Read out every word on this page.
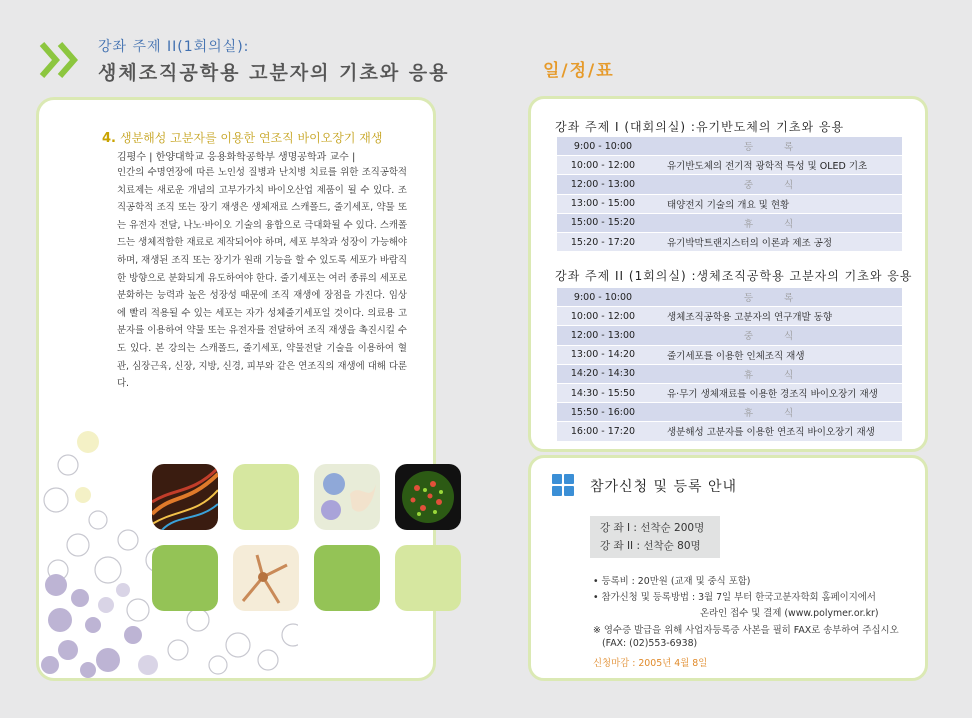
강좌 주제 II(1회의실):
생체조직공학용 고분자의 기초와 응용	일/정/표
4. 생분해성 고분자를 이용한 연조직 바이오장기 재생
김평수 | 한양대학교 응용화학공학부 생명공학과 교수 |
인간의 수명연장에 따른 노인성 질병과 난치병 치료를 위한 조직공학적 치료제는 새로운 개념의 고부가가치 바이오산업 제품이 될 수 있다. 조직공학적 조직 또는 장기 재생은 생체재료 스캐폴드, 줄기세포, 약물 또는 유전자 전달, 나노·바이오 기술의 융합으로 극대화될 수 있다. 스캐폴드는 생체적합한 재료로 제작되어야 하며, 세포 부착과 성장이 가능해야 하며, 재생된 조직 또는 장기가 원래 기능을 할 수 있도록 세포가 바람직한 방향으로 분화되게 유도하여야 한다. 줄기세포는 여러 종류의 세포로 분화하는 능력과 높은 성장성 때문에 조직 재생에 장점을 가진다. 임상에 빨리 적용될 수 있는 세포는 자가 성체줄기세포일 것이다. 의료용 고분자를 이용하여 약물 또는 유전자를 전달하여 조직 재생을 촉진시킬 수도 있다. 본 강의는 스캐폴드, 줄기세포, 약물전달 기술을 이용하여 혈관, 심장근육, 신장, 지방, 신경, 피부와 같은 연조직의 재생에 대해 다룬다.
강좌 주제 I (대회의실) :유기반도체의 기초와 응용
9:00 - 10:00	등 록
10:00 - 12:00	유기반도체의 전기적 광학적 특성 및 OLED 기초
12:00 - 13:00	중 식
13:00 - 15:00	태양전지 기술의 개요 및 현황
15:00 - 15:20	휴 식
15:20 - 17:20	유기박막트랜지스터의 이론과 제조 공정
강좌 주제 II (1회의실) :생체조직공학용 고분자의 기초와 응용
9:00 - 10:00	등 록
10:00 - 12:00	생체조직공학용 고분자의 연구개발 동향
12:00 - 13:00	중 식
13:00 - 14:20	줄기세포를 이용한 인체조직 재생
14:20 - 14:30	휴 식
14:30 - 15:50	유·무기 생체재료를 이용한 경조직 바이오장기 재생
15:50 - 16:00	휴 식
16:00 - 17:20	생분해성 고분자를 이용한 연조직 바이오장기 재생
참가신청 및 등록 안내
강 좌 I : 선착순 200명
강 좌 II : 선착순 80명
• 등록비 : 20만원 (교재 및 중식 포함)
• 참가신청 및 등록방법 : 3월 7일 부터 한국고분자학회 홈페이지에서
온라인 접수 및 결제 (www.polymer.or.kr)
※ 영수증 발급을 위해 사업자등록증 사본을 필히 FAX로 송부하여 주십시오
(FAX: (02)553-6938)
신청마감 : 2005년 4월 8일
